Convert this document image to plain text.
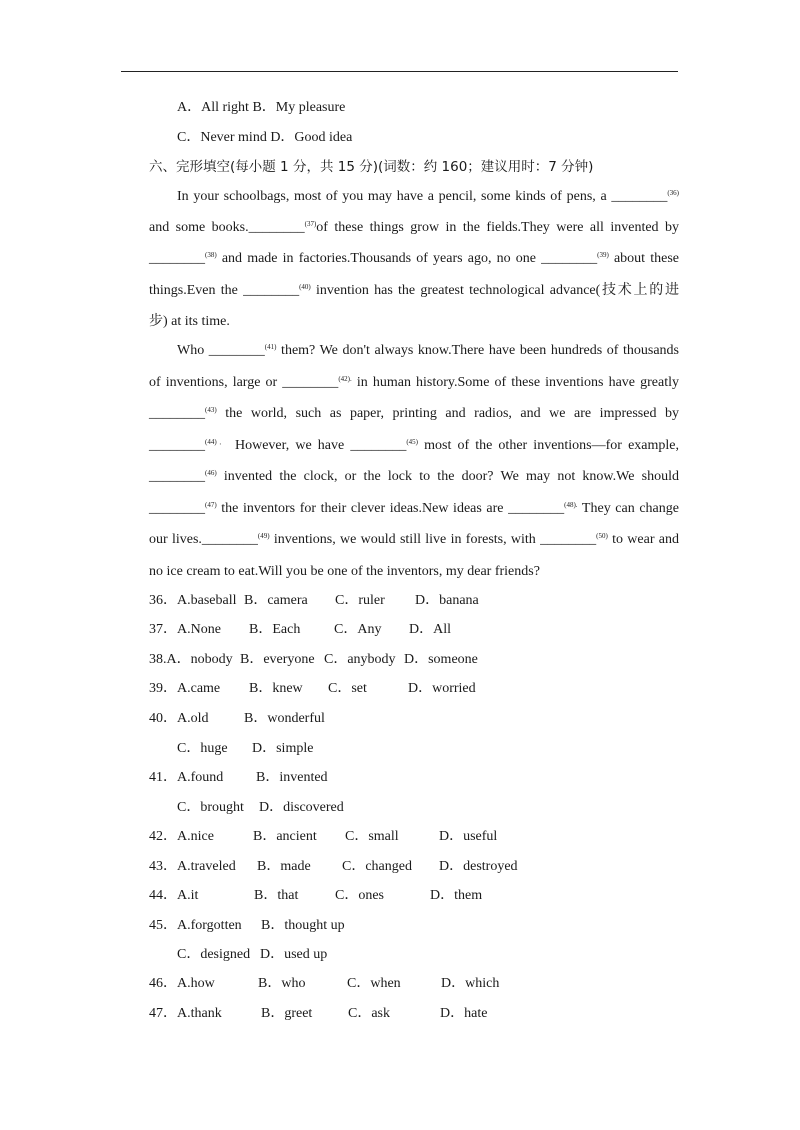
A．All right B．My pleasure
C．Never mind D．Good idea
六、完形填空(每小题 1 分，共 15 分)(词数：约 160；建议用时：7 分钟)
In your schoolbags, most of you may have a pencil, some kinds of pens, a ________$^{(36)}$
and some books.________$^{(37)}$of these things grow in the fields.They were all invented by
________$^{(38)}$ and made in factories.Thousands of years ago, no one ________$^{(39)}$ about these
things.Even the ________$^{(40)}$ invention has the greatest technological advance(技术上的进
步) at its time.
Who ________$^{(41)}$ them? We don't always know.There have been hundreds of thousands
of inventions, large or ________$^{(42).}$ in human history.Some of these inventions have greatly
________$^{(43)}$ the world, such as paper, printing and radios, and we are impressed by
________$^{(44).}$ However, we have ________$^{(45)}$ most of the other inventions—for example,
________$^{(46)}$ invented the clock, or the lock to the door? We may not know.We should
________$^{(47)}$ the inventors for their clever ideas.New ideas are ________$^{(48).}$ They can change
our lives.________$^{(49)}$ inventions, we would still live in forests, with ________$^{(50)}$ to wear and
no ice cream to eat.Will you be one of the inventors, my dear friends?
36．A.baseball B．camera C．ruler D．banana
37．A.None B．Each C．Any D．All
38.A．nobody B．everyone C．anybody D．someone
39．A.came B．knew C．set	D．worried
40．A.old	B．wonderful
C．huge D．simple
41．A.found B．invented
C．brought D．discovered
42．A.nice	B．ancient C．small	D．useful
43．A.traveled B．made C．changed D．destroyed
44．A.it	B．that	C．ones	D．them
45．A.forgotten B．thought up
C．designed D．used up
46．A.how	B．who	C．when	D．which
47．A.thank	B．greet	C．ask	D．hate
